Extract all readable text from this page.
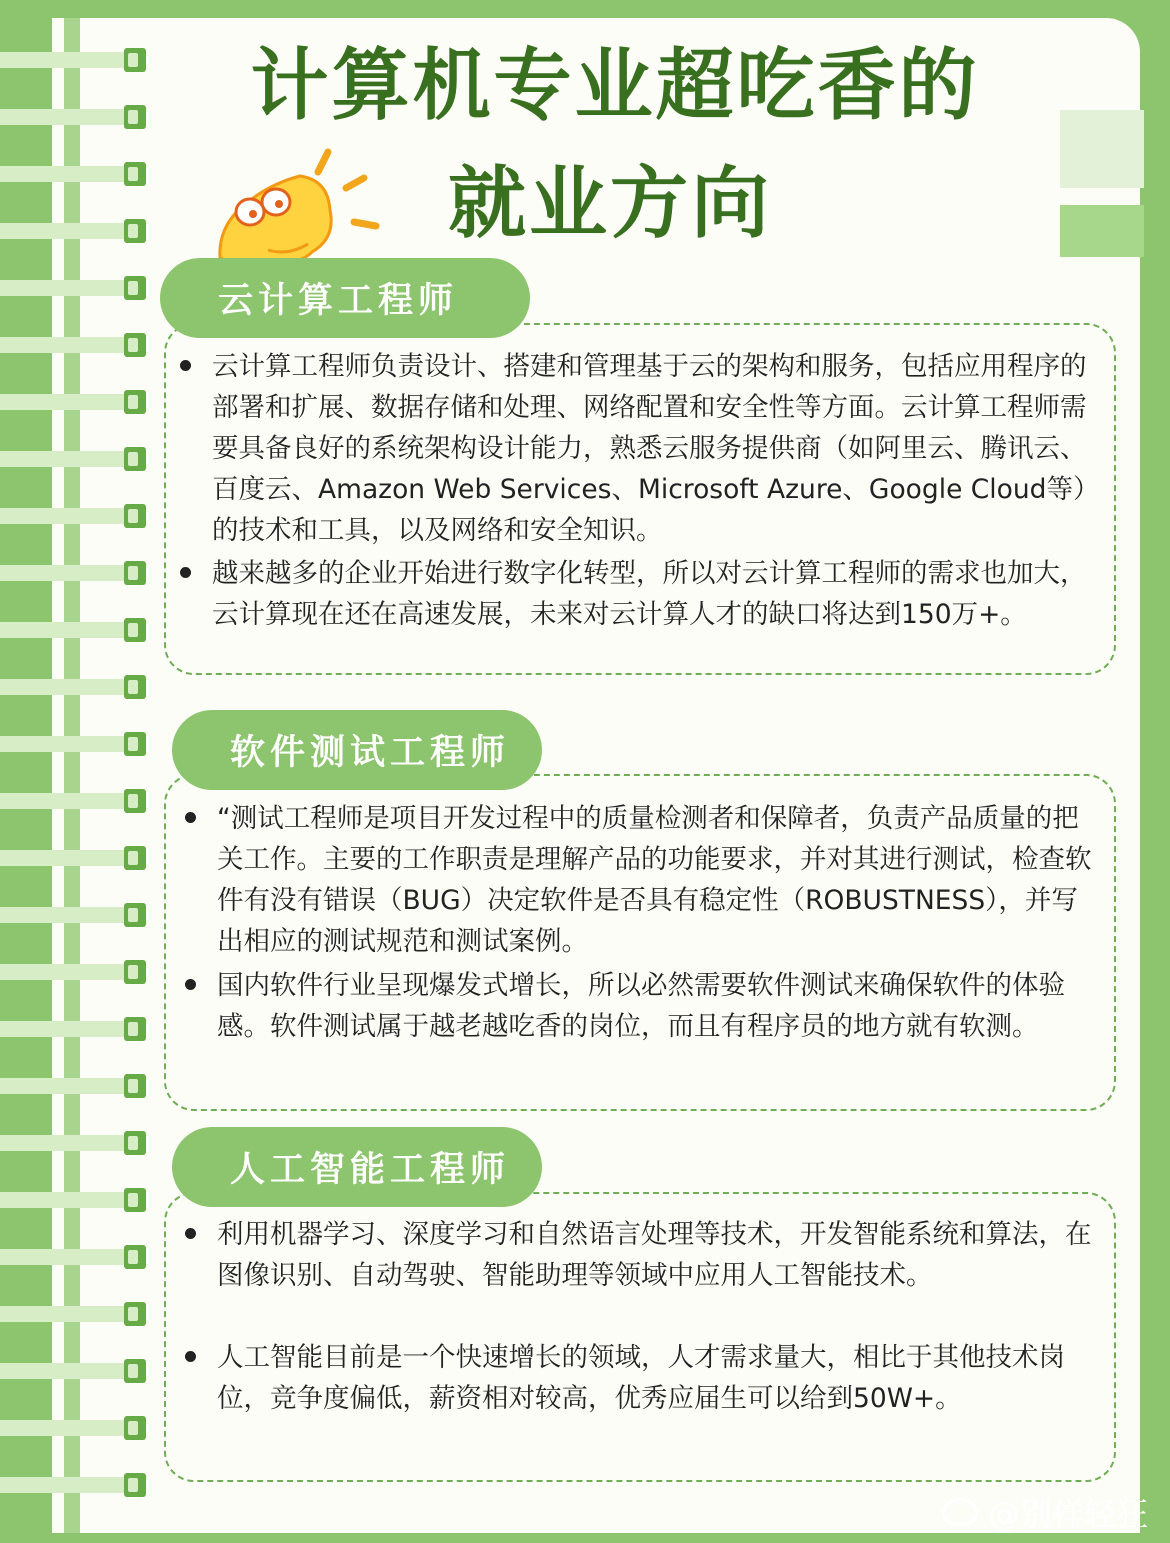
计算机专业超吃香的
就业方向
云计算工程师
云计算工程师负责设计、搭建和管理基于云的架构和服务，包括应用程序的部署和扩展、数据存储和处理、网络配置和安全性等方面。云计算工程师需要具备良好的系统架构设计能力，熟悉云服务提供商（如阿里云、腾讯云、百度云、Amazon Web Services、Microsoft Azure、Google Cloud等）的技术和工具，以及网络和安全知识。
越来越多的企业开始进行数字化转型，所以对云计算工程师的需求也加大，云计算现在还在高速发展，未来对云计算人才的缺口将达到150万+。
软件测试工程师
“测试工程师是项目开发过程中的质量检测者和保障者，负责产品质量的把关工作。主要的工作职责是理解产品的功能要求，并对其进行测试，检查软件有没有错误（BUG）决定软件是否具有稳定性（ROBUSTNESS），并写出相应的测试规范和测试案例。
国内软件行业呈现爆发式增长，所以必然需要软件测试来确保软件的体验感。软件测试属于越老越吃香的岗位，而且有程序员的地方就有软测。
人工智能工程师
利用机器学习、深度学习和自然语言处理等技术，开发智能系统和算法，在图像识别、自动驾驶、智能助理等领域中应用人工智能技术。
人工智能目前是一个快速增长的领域，人才需求量大，相比于其他技术岗位，竞争度偏低，薪资相对较高，优秀应届生可以给到50W+。
@别样轻狂
